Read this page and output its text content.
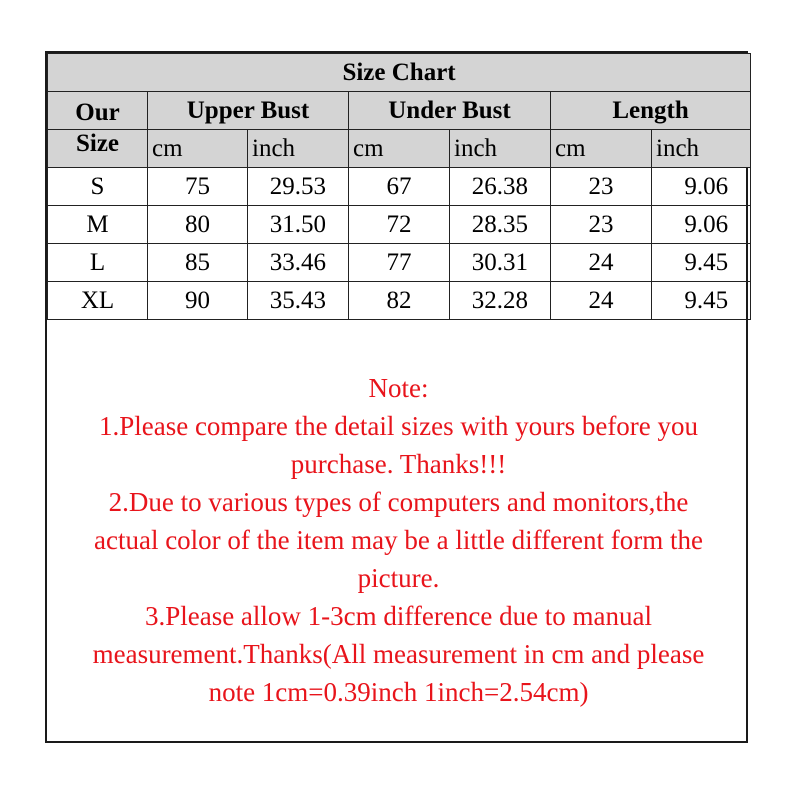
Size Chart						
Our	Upper Bust		Under Bust		Length	
Size	cm	inch	cm	inch	cm	inch
S	75	29.53	67	26.38	23	9.06
M	80	31.50	72	28.35	23	9.06
L	85	33.46	77	30.31	24	9.45
XL	90	35.43	82	32.28	24	9.45
Note:
1.Please compare the detail sizes with yours before you
purchase. Thanks!!!
2.Due to various types of computers and monitors,the
actual color of the item may be a little different form the
picture.
3.Please allow 1-3cm difference due to manual
measurement.Thanks(All measurement in cm and please
note 1cm=0.39inch 1inch=2.54cm)
